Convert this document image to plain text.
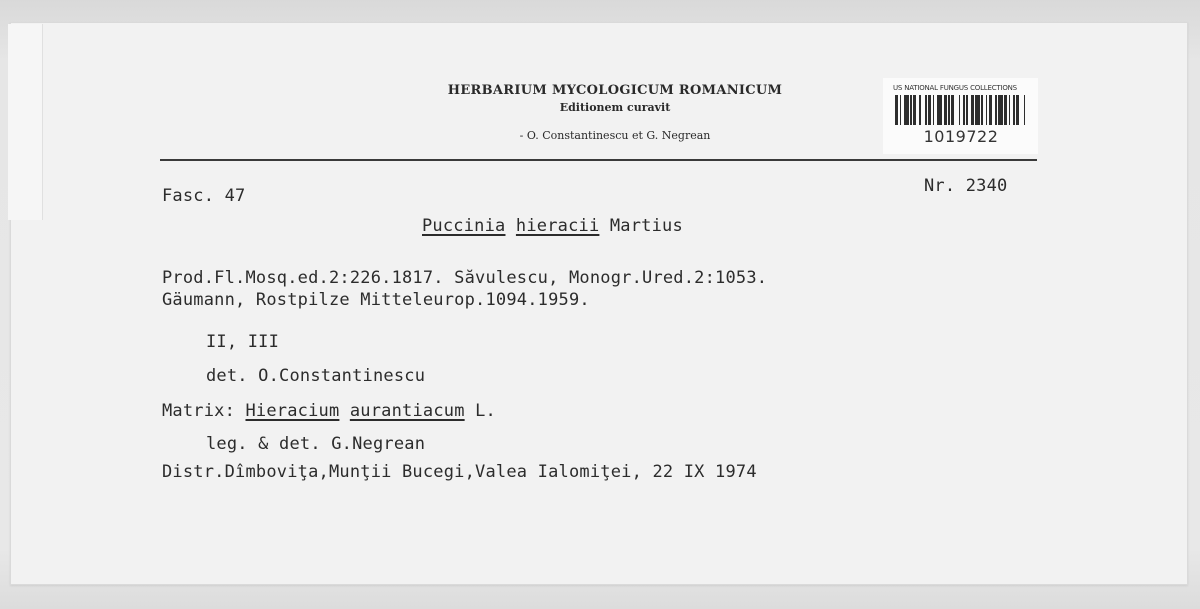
HERBARIUM MYCOLOGICUM ROMANICUM
Editionem curavit
- O. Constantinescu et G. Negrean
US NATIONAL FUNGUS COLLECTIONS
1019722
Fasc. 47	Nr. 2340
Puccinia hieracii Martius
Prod.Fl.Mosq.ed.2:226.1817. Săvulescu, Monogr.Ured.2:1053.
Gäumann, Rostpilze Mitteleurop.1094.1959.
II, III
det. O.Constantinescu
Matrix: Hieracium aurantiacum L.
leg. & det. G.Negrean
Distr.Dîmboviţa,Munţii Bucegi,Valea Ialomiţei, 22 IX 1974
